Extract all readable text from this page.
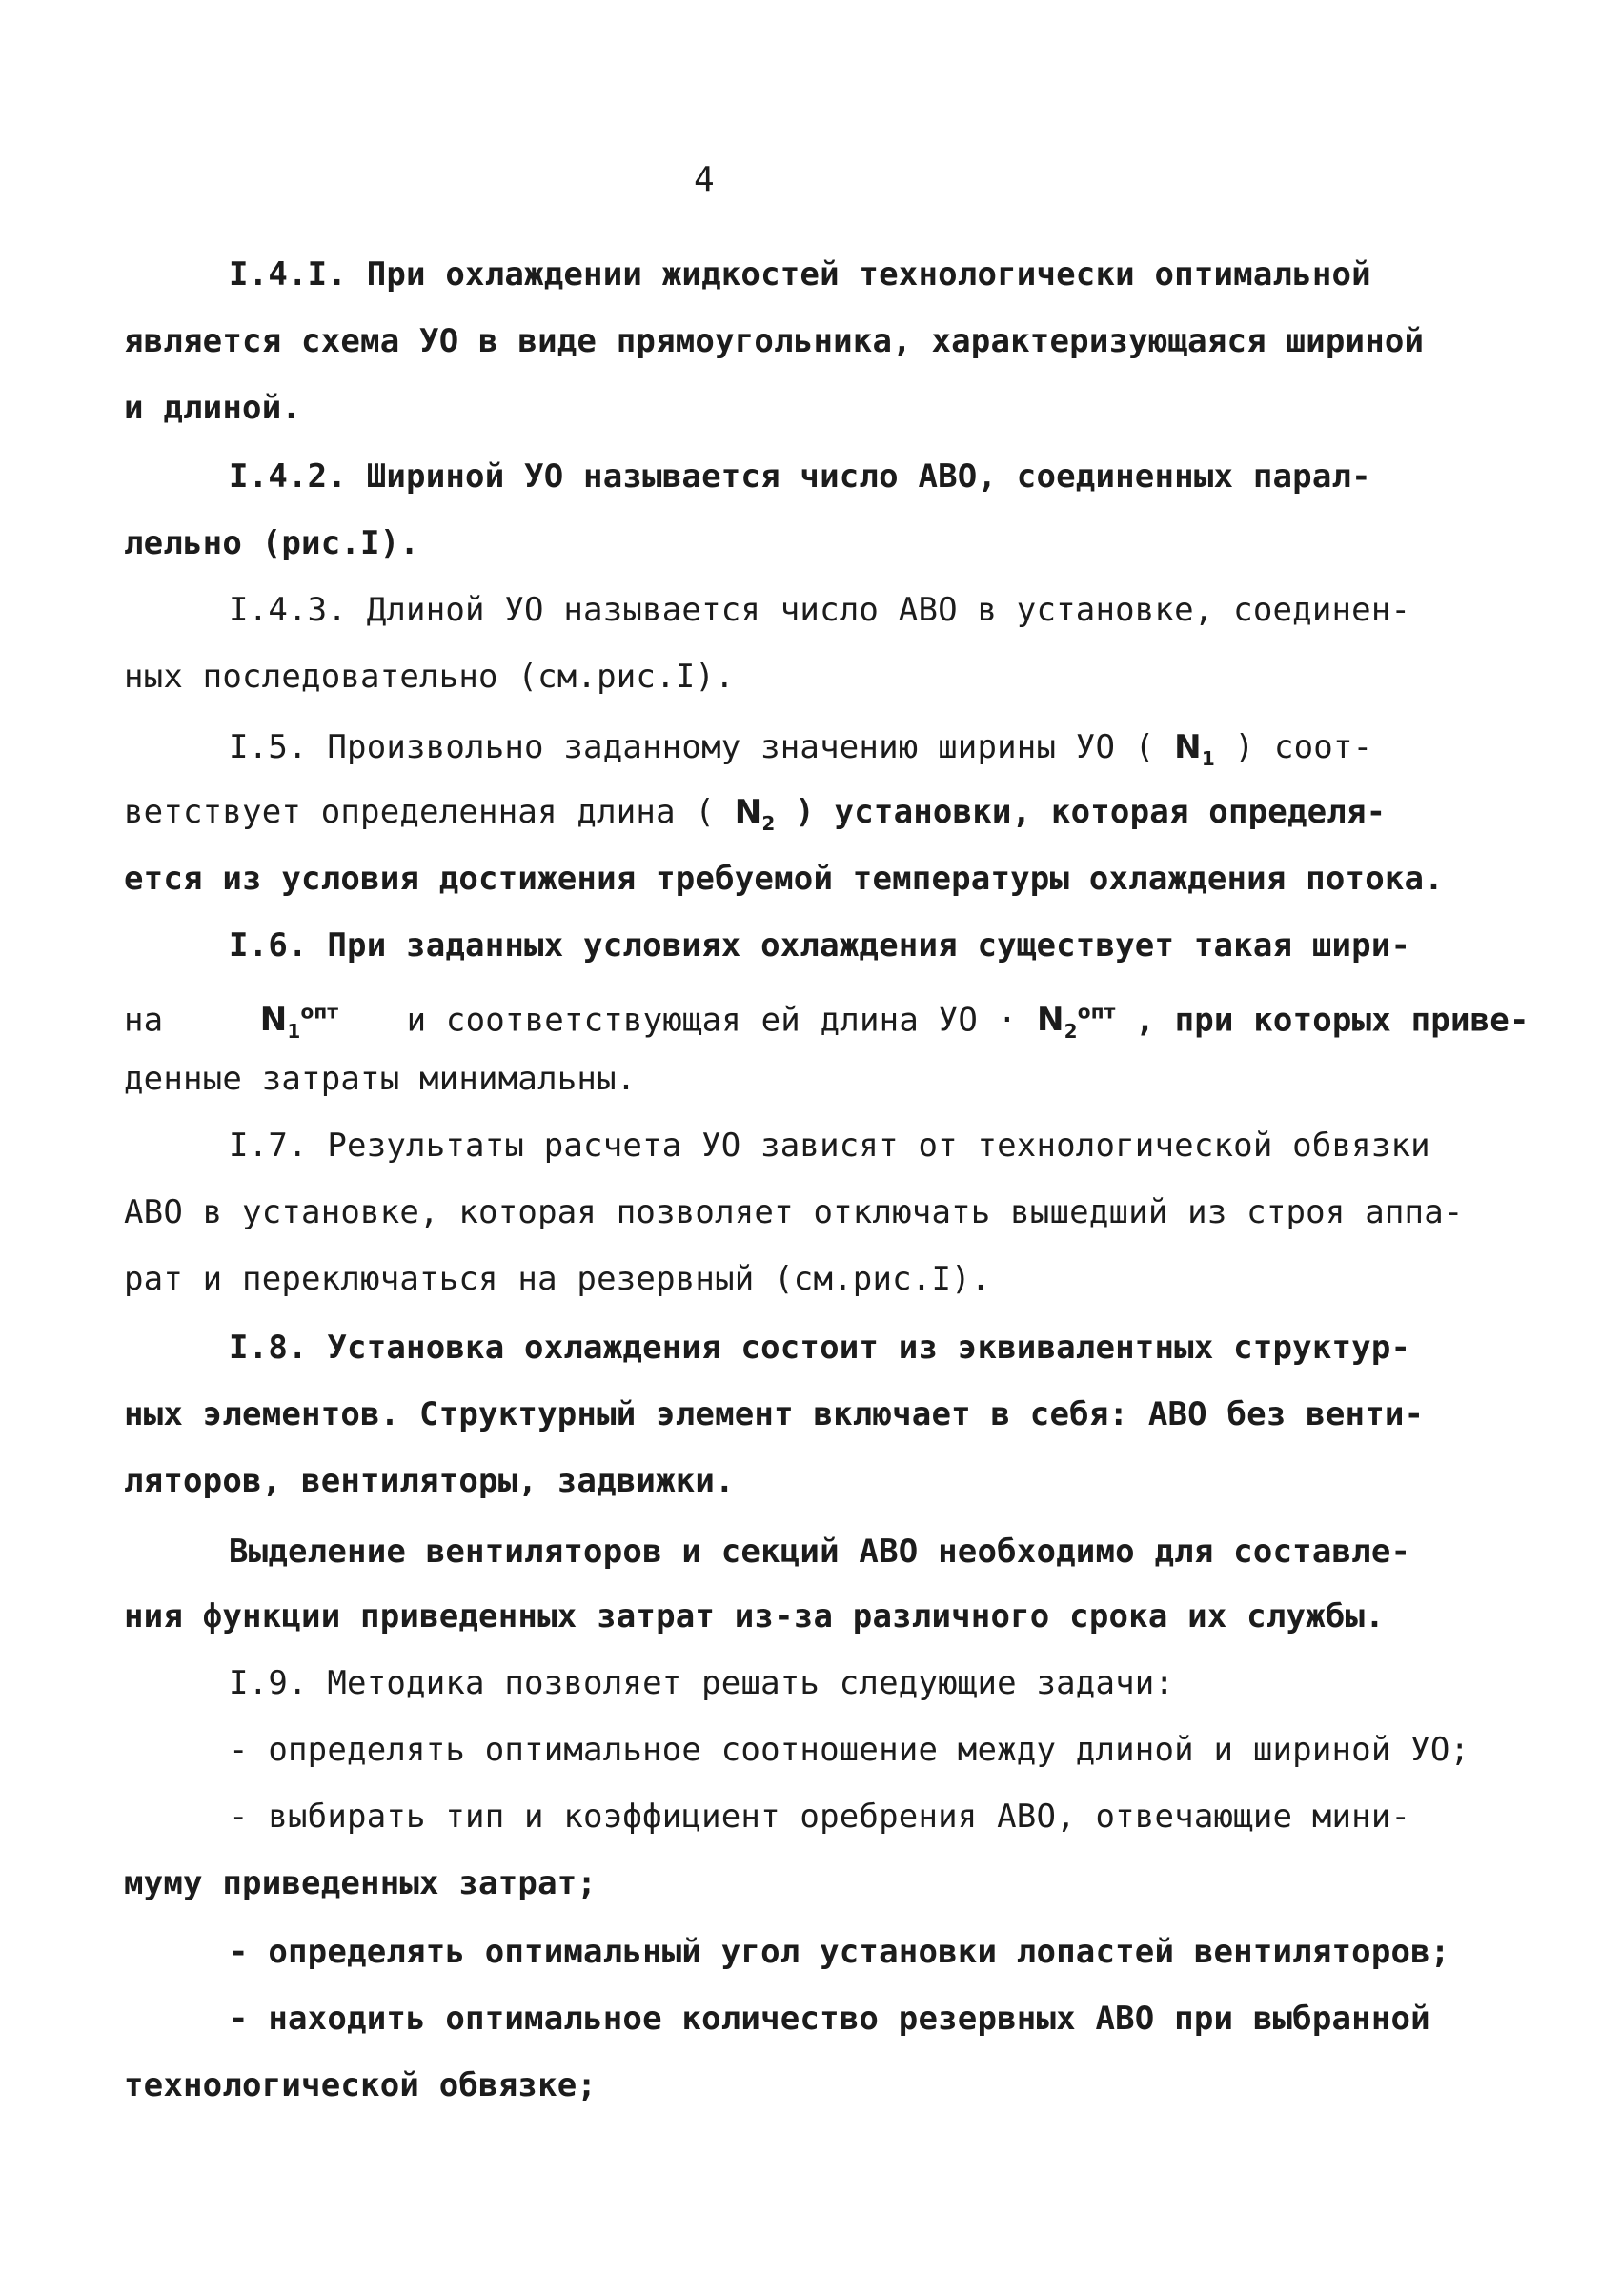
4
I.4.I. При охлаждении жидкостей технологически оптимальной
является схема УО в виде прямоугольника, характеризующаяся шириной
и длиной.
I.4.2. Шириной УО называется число АВО, соединенных парал-
лельно (рис.I).
I.4.3. Длиной УО называется число АВО в установке, соединен-
ных последовательно (см.рис.I).
I.5. Произвольно заданному значению ширины УО ( $N_1$ ) соот-
ветствует определенная длина ( $N_2$ ) установки, которая определя-
ется из условия достижения требуемой температуры охлаждения потока.
I.6. При заданных условиях охлаждения существует такая шири-
на	$N_1^{опт}$ и соответствующая ей длина УО · $N_2^{опт}$ , при которых приве-
денные затраты минимальны.
I.7. Результаты расчета УО зависят от технологической обвязки
АВО в установке, которая позволяет отключать вышедший из строя аппа-
рат и переключаться на резервный (см.рис.I).
I.8. Установка охлаждения состоит из эквивалентных структур-
ных элементов. Структурный элемент включает в себя: АВО без венти-
ляторов, вентиляторы, задвижки.
Выделение вентиляторов и секций АВО необходимо для составле-
ния функции приведенных затрат из-за различного срока их службы.
I.9. Методика позволяет решать следующие задачи:
- определять оптимальное соотношение между длиной и шириной УО;
- выбирать тип и коэффициент оребрения АВО, отвечающие мини-
муму приведенных затрат;
- определять оптимальный угол установки лопастей вентиляторов;
- находить оптимальное количество резервных АВО при выбранной
технологической обвязке;
